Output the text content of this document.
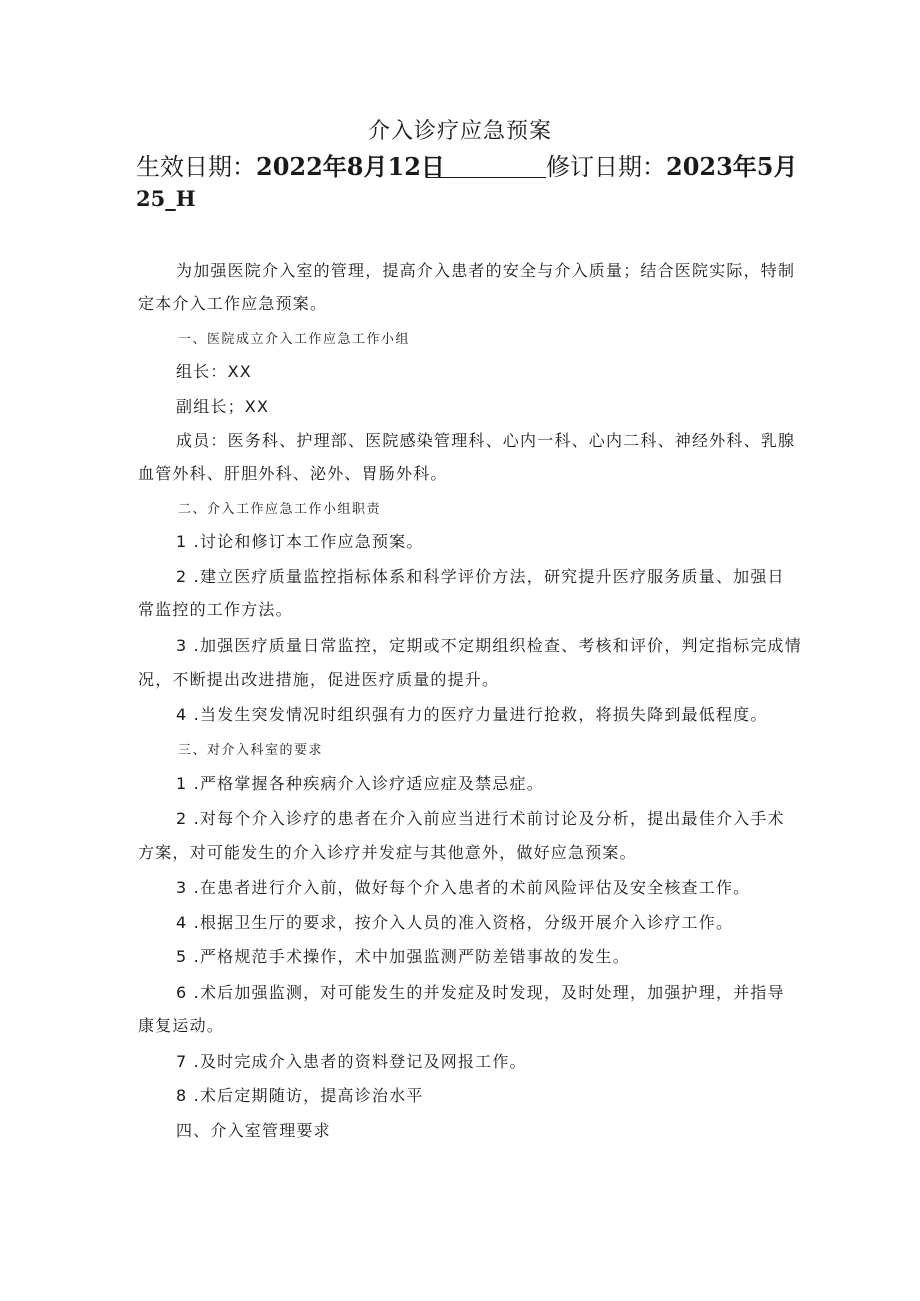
介入诊疗应急预案
生效日期：2022年8月12日	修订日期：2023年5月
25_H
为加强医院介入室的管理，提高介入患者的安全与介入质量；结合医院实际，特制
定本介入工作应急预案。
一、医院成立介入工作应急工作小组
组长：XX
副组长；XX
成员：医务科、护理部、医院感染管理科、心内一科、心内二科、神经外科、乳腺
血管外科、肝胆外科、泌外、胃肠外科。
二、介入工作应急工作小组职责
1 .讨论和修订本工作应急预案。
2 .建立医疗质量监控指标体系和科学评价方法，研究提升医疗服务质量、加强日
常监控的工作方法。
3 .加强医疗质量日常监控，定期或不定期组织检查、考核和评价，判定指标完成情
况，不断提出改进措施，促进医疗质量的提升。
4 .当发生突发情况时组织强有力的医疗力量进行抢救，将损失降到最低程度。
三、对介入科室的要求
1 .严格掌握各种疾病介入诊疗适应症及禁忌症。
2 .对每个介入诊疗的患者在介入前应当进行术前讨论及分析，提出最佳介入手术
方案，对可能发生的介入诊疗并发症与其他意外，做好应急预案。
3 .在患者进行介入前，做好每个介入患者的术前风险评估及安全核查工作。
4 .根据卫生厅的要求，按介入人员的准入资格，分级开展介入诊疗工作。
5 .严格规范手术操作，术中加强监测严防差错事故的发生。
6 .术后加强监测，对可能发生的并发症及时发现，及时处理，加强护理，并指导
康复运动。
7 .及时完成介入患者的资料登记及网报工作。
8 .术后定期随访，提高诊治水平
四、介入室管理要求
